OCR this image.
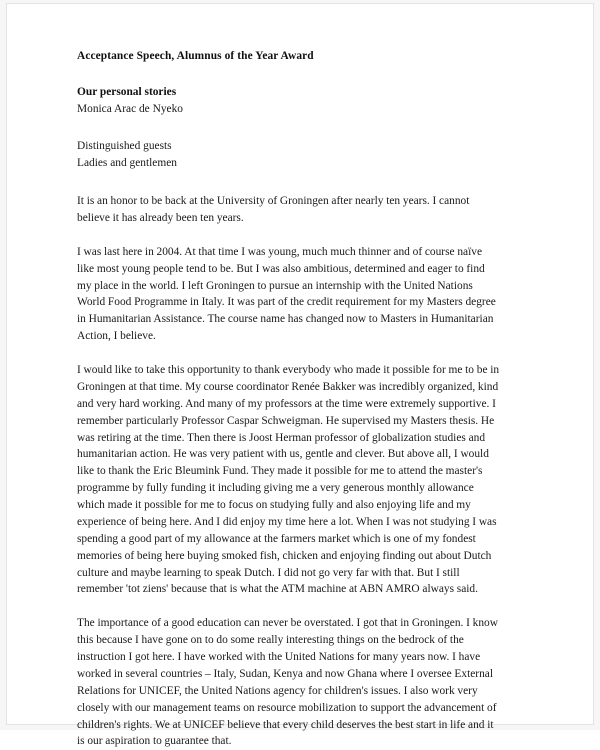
Acceptance Speech, Alumnus of the Year Award

Our personal stories

Monica Arac de Nyeko

Distinguished guests
Ladies and gentlemen

It is an honor to be back at the University of Groningen after nearly ten years. I cannot believe it has already been ten years.

I was last here in 2004. At that time I was young, much much thinner and of course naïve like most young people tend to be. But I was also ambitious, determined and eager to find my place in the world. I left Groningen to pursue an internship with the United Nations World Food Programme in Italy. It was part of the credit requirement for my Masters degree in Humanitarian Assistance. The course name has changed now to Masters in Humanitarian Action, I believe.

I would like to take this opportunity to thank everybody who made it possible for me to be in Groningen at that time. My course coordinator Renée Bakker was incredibly organized, kind and very hard working. And many of my professors at the time were extremely supportive. I remember particularly Professor Caspar Schweigman. He supervised my Masters thesis. He was retiring at the time. Then there is Joost Herman professor of globalization studies and humanitarian action. He was very patient with us, gentle and clever. But above all, I would like to thank the Eric Bleumink Fund. They made it possible for me to attend the master's programme by fully funding it including giving me a very generous monthly allowance which made it possible for me to focus on studying fully and also enjoying life and my experience of being here. And I did enjoy my time here a lot. When I was not studying I was spending a good part of my allowance at the farmers market which is one of my fondest memories of being here buying smoked fish, chicken and enjoying finding out about Dutch culture and maybe learning to speak Dutch. I did not go very far with that. But I still remember 'tot ziens' because that is what the ATM machine at ABN AMRO always said.

The importance of a good education can never be overstated. I got that in Groningen. I know this because I have gone on to do some really interesting things on the bedrock of the instruction I got here. I have worked with the United Nations for many years now. I have worked in several countries – Italy, Sudan, Kenya and now Ghana where I oversee External Relations for UNICEF, the United Nations agency for children's issues. I also work very closely with our management teams on resource mobilization to support the advancement of children's rights. We at UNICEF believe that every child deserves the best start in life and it is our aspiration to guarantee that.
